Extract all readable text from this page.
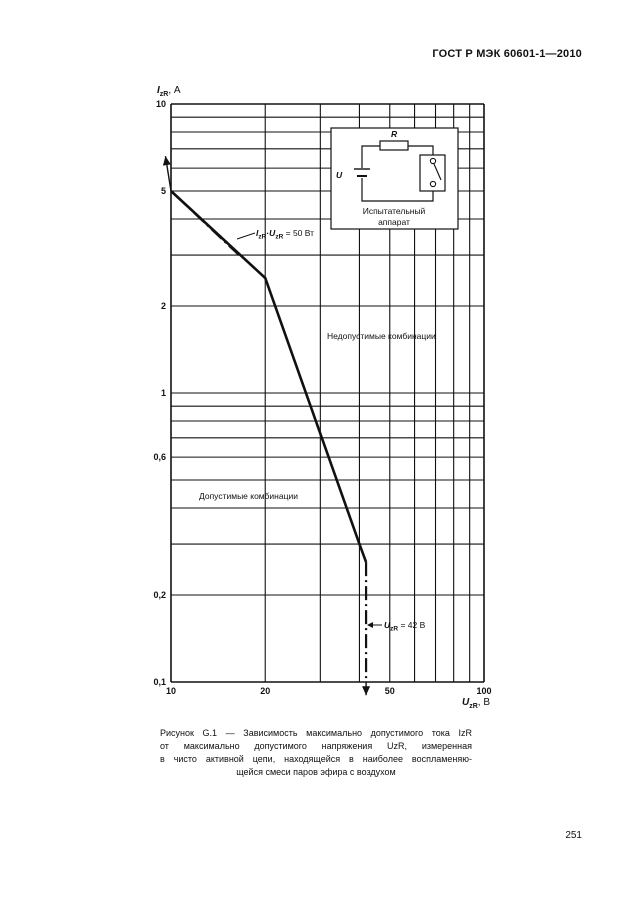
ГОСТ Р МЭК 60601-1—2010
0,1
0,2
0,6
1
2
5
10
10	20	50	100
$I_{zR}$, А
$U_{zR}$, В
$I_{zR}\cdot U_{zR} = 50$ Вт
$U_{zR} = 42$ В
Недопустимые комбинации
Допустимые комбинации
R
U
Испытательный
аппарат
Рисунок G.1 — Зависимость максимально допустимого тока IzR
от максимально допустимого напряжения UzR, измеренная
в чисто активной цепи, находящейся в наиболее воспламеняю-
щейся смеси паров эфира с воздухом
251
